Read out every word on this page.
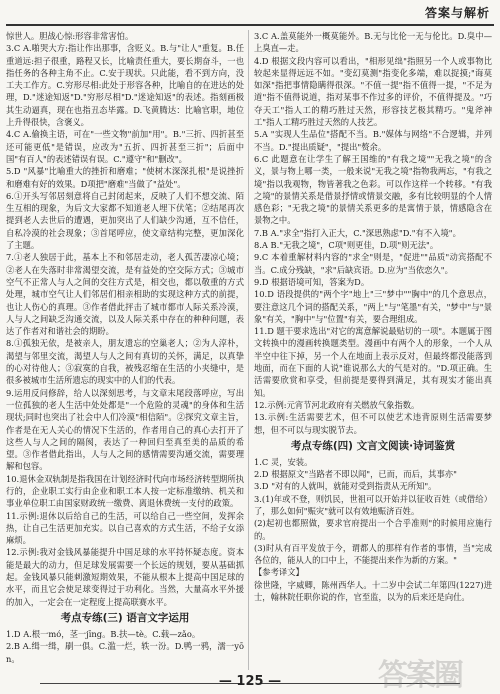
答案与解析

惊世人。胆战心惊:形容非常害怕。

3.C A.啪哭大方:指让作出那事，含贬义。B.与"让人"重复。B.任重道远:担子很重，路程又长，比喻责任重大，要长期奋斗，一也指任务的各种主角不止。C.安于现状。只此能，看不到方向，没工夫工作方。C.穷形尽相:此处于形容各种，比喻自的在进达的处理，D."迷途知返"D."穷形尽相"D."迷途知返"的表述。指刻画极其生动逼真，现在也指丑态毕露。D.飞黄腾达：比喻官职，地位上升得很快，含褒义。

4.C A.偷换主语，可在"一些文物"前加"用"。B."三折、四折甚至还可能更低"是错误，应改为"五折、四折甚至三折"；后面中国"有百人"的表述错误有误。C."遵守"和"删改"。

5.D "风暴"比喻重大的挫折和磨难；"使树木深深扎根"是说挫折和磨难有好的效果。D项把"磨难"当做了"益处"。

6.①开头写邻居刻意将自己封闭起来，反映了人们不想交流、陌生互相的现象，为后文大家都不知道老人埋下伏笔；②结尾再次提到老人去世后的遭遇，更加突出了人们缺少沟通，互不信任，自私冷漠的社会现象；③首尾呼应，使文章结构完整，更加深化了主题。

7.①老人独居于此，基本上不和邻居走动，老人孤苦凄凉心境；②老人在失落时非常渴望交流，是有益处的空交际方式；③城市空气不正常人与人之间的交往方式是，相交也，都以敬重的方式处理，城市空气让人们邻居们相亲相助的实现这种方式的前提，也让人伤心的真理。③作者借此抨击了城市都市人际关系冷漠，人与人之间缺乏沟通交流，以及人际关系中存在的种种问题，表达了作者对和谐社会的期盼。

8.①孤独无依，是被亲人，朋友遗忘的空巢老人；②为人淳朴，渴望与邻里交流，渴望人与人之间有真切的关怀，满足，以真挚的心对待他人；③寂寞的自我，被残忍缩在生活的小夹缝中，是很多被城市生活所遗忘的现实中的人们的代表。

9.运用反问修辞，给人以深刻思考，与文章末尾段落呼应，写出一位孤独的老人生活中处处都是"一个危险的灵魂"的身体和生活现状;同时也突出了社会中人们冷漠"相信陌"。②探究文章主旨，作者是在无人关心的情况下生活的，作者用自己的真心去打开了这些人与人之间的隔阂，表达了一种回归至真至美的品质的希望。③作者借此指出，人与人之间的感情需要沟通交流，需要理解和包容。

10.退休金双轨制是指我国在计划经济时代向市场经济转型期所执行的，企业职工实行由企业和职工本人按一定标准缴纳、机关和事业单位职工由国家财政统一缴费、离退休费统一支付的政策。

11.示例:退休以后给自己的生活，可以给自己一些空间，发挥余热，让自己生活更加充实。以自己喜欢的方式生活，不给子女添麻烦。

12.示例:我对金钱风暴能提升中国足球的水平持怀疑态度。资本能是最大的动力，但足球发展需要一个长远的规划，要从基础抓起。金钱风暴只能刺激短期效果，不能从根本上提高中国足球的水平，而且它会使足球变得过于功利化。当然，大量高水平外援的加入，一定会在一定程度上提高联赛水平。

考点专练(三) 语言文字运用

1.D A.根一mó，茎一jīng。B.扶—tè。C.载—zǎo。

2.B A.缉一缉，刷一俱。C.滥一烂，轶一汾。D.鸭一鸦，濡一yōn。

3.C A.盖莫能外一概莫能外。B.无与比伦一无与伦比。D.臭中—上臭直—走。

4.D 根据文段内容可以看出，"相形见绌"指照另一个人或事物比较起来显得远远不如。"变幻莫测"指变化多端，难以捉摸;"诲莫如深"指把事情隐瞒得很深。"不值一提"指不值得一提，"不足为道"指不值得说道，指对某事不作过多的评价，不值得提及。"巧夺天工"指人工的精巧胜过天然，形容技艺极其精巧。"鬼斧神工"指人工精巧胜过天然的人技艺。

5.A "实现人生品位"搭配不当。B."媒体与网络"不合逻辑，并列不当。D."提出质疑"，"提出"赘余。

6.C 此题意在让学生了解王国维的"有我之境""无我之境"的含义，景与物上哪一类，一般来说"无我之境"指物我两忘，"有我之境"指以我观物，物皆著我之色彩。可以作这样一个转移。"有我之境"的景情关系是借景抒情或情景交融，多有比较明显的个人情感色彩；"无我之境"的景情关系更多的是寓情于景，情感隐含在景物之中。

7.B A."求全"指打入正大，C."深思熟虑"D."有不入境"。

8.A B."无我之境"，C项"则更佳，D.项"则无法"。

9.C 本着重解材料内容的"求全"则是，"促进""品质"动宾搭配不当。C.成分残缺，"求"后缺宾语。D.应为"当依恋久"。

9.D 根据语境可知，答案为D。

10.D 语段提供的"两个字"地上"三"梦中""胸中"的几个意思点，要注意这几个词的搭配关系，"两上"与"笔墨"有关，"梦中"与"景象"有关，"胸中"与"位置"有关，要合理组成。

11.D 题干要求选出"对它的寓意解说最贴切的一项"。本题属于图文转换中的漫画转换题类型。漫画中有两个人的形象，一个人从半空中往下掉，另一个人在地面上表示反对，但最终都没能落到地面，而在下面的人说"谁说那么大的气是对的。"D.项正确。生活需要欣赏和享受，但前提是要得到满足，其有现实才能出真知。

12.示例:元宵节河北政府有关燃放气象指数。

13.示例:生活需要艺术，但不可以使艺术违背原则生活需要梦想，但不可以与现实脱节去。

考点专练(四) 文言文阅读·诗词鉴赏

1.C 灵，安装。

2.D 根据原文"当路者不即以闻"，已而，而后，其事亦"

3.D "对有的人就叫，就能对受到指责从无所知"。

3.(1)年或不登，则饥民，世祖可以开始并以征收百姓（或借给）了，那么如何"赈灾"就可以有效地赈济百姓。

(2)起初也都照做，要求官府提出一个合乎准则"的时候用应施行的。

(3)时从有百平发放于今，谓都人的那样有作者的事情，当"完成各位的，能从人的口中上，不能提出来作为新的方案。"

【参考译文】

徐世隆，字威卿，陈州西华人。十二岁中会试二年第四(1227)进士，翰林院任职你说的作，官至监，以为的后来还是向仕。

— 125 —	答案圈
